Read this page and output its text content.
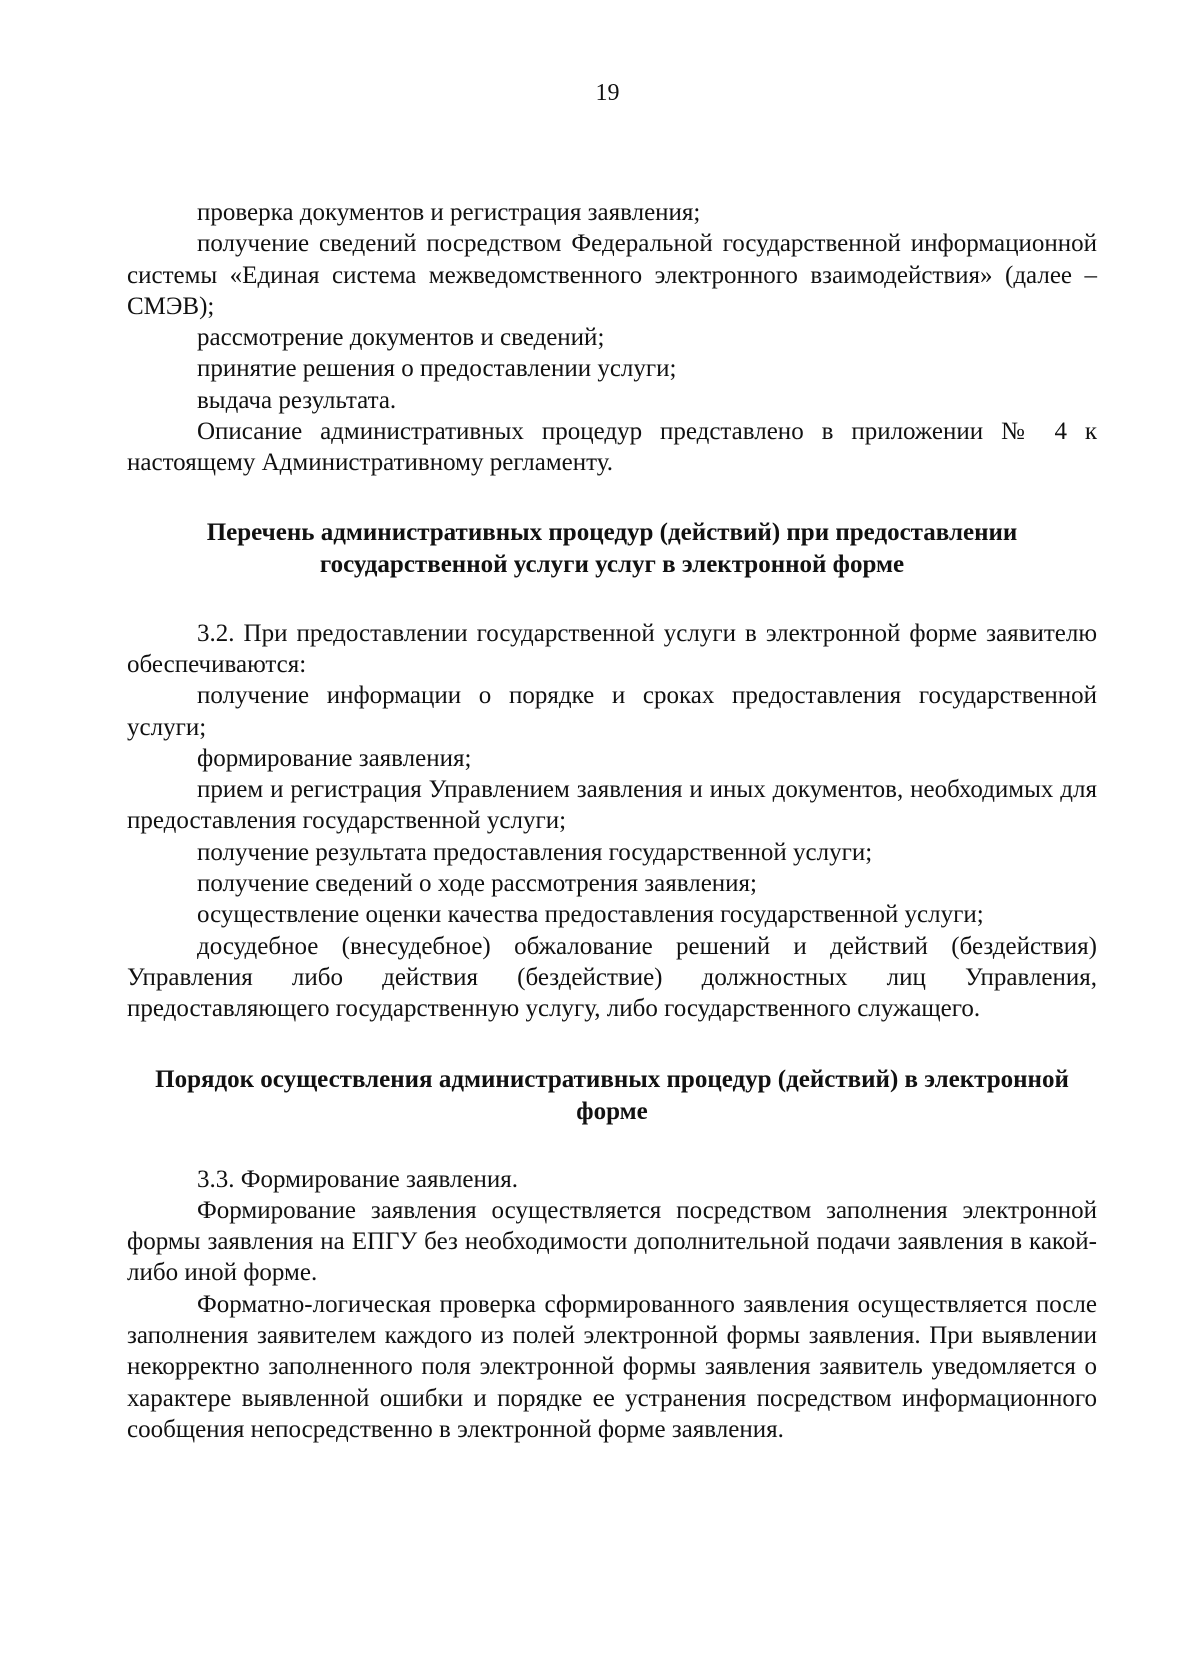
19

проверка документов и регистрация заявления;

получение сведений посредством Федеральной государственной информационной системы «Единая система межведомственного электронного взаимодействия» (далее – СМЭВ);

рассмотрение документов и сведений;

принятие решения о предоставлении услуги;

выдача результата.

Описание административных процедур представлено в приложении № 4 к настоящему Административному регламенту.

Перечень административных процедур (действий) при предоставлении государственной услуги услуг в электронной форме

3.2. При предоставлении государственной услуги в электронной форме заявителю обеспечиваются:

получение информации о порядке и сроках предоставления государственной услуги;

формирование заявления;

прием и регистрация Управлением заявления и иных документов, необходимых для предоставления государственной услуги;

получение результата предоставления государственной услуги;

получение сведений о ходе рассмотрения заявления;

осуществление оценки качества предоставления государственной услуги;

досудебное (внесудебное) обжалование решений и действий (бездействия) Управления либо действия (бездействие) должностных лиц Управления, предоставляющего государственную услугу, либо государственного служащего.

Порядок осуществления административных процедур (действий) в электронной форме

3.3. Формирование заявления.

Формирование заявления осуществляется посредством заполнения электронной формы заявления на ЕПГУ без необходимости дополнительной подачи заявления в какой-либо иной форме.

Форматно-логическая проверка сформированного заявления осуществляется после заполнения заявителем каждого из полей электронной формы заявления. При выявлении некорректно заполненного поля электронной формы заявления заявитель уведомляется о характере выявленной ошибки и порядке ее устранения посредством информационного сообщения непосредственно в электронной форме заявления.
